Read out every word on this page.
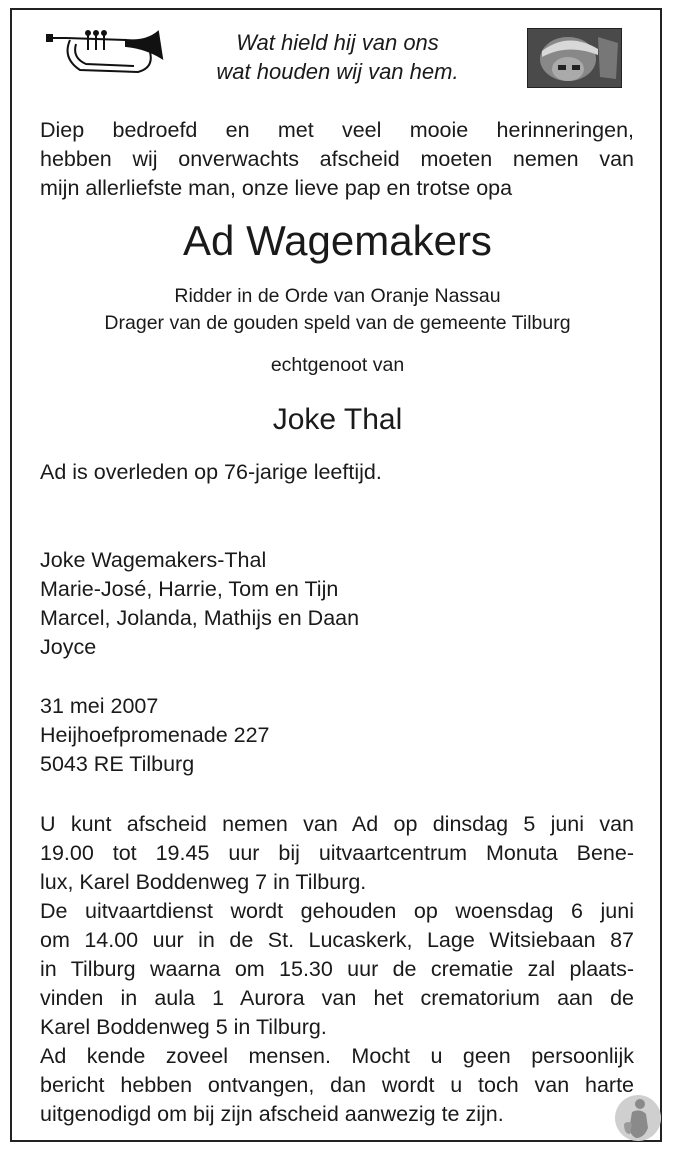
Wat hield hij van ons
wat houden wij van hem.
Diep bedroefd en met veel mooie herinneringen,
hebben wij onverwachts afscheid moeten nemen van
mijn allerliefste man, onze lieve pap en trotse opa
Ad Wagemakers
Ridder in de Orde van Oranje Nassau
Drager van de gouden speld van de gemeente Tilburg
echtgenoot van
Joke Thal
Ad is overleden op 76-jarige leeftijd.
Joke Wagemakers-Thal
Marie-José, Harrie, Tom en Tijn
Marcel, Jolanda, Mathijs en Daan
Joyce
31 mei 2007
Heijhoefpromenade 227
5043 RE Tilburg
U kunt afscheid nemen van Ad op dinsdag 5 juni van
19.00 tot 19.45 uur bij uitvaartcentrum Monuta Bene-
lux, Karel Boddenweg 7 in Tilburg.
De uitvaartdienst wordt gehouden op woensdag 6 juni
om 14.00 uur in de St. Lucaskerk, Lage Witsiebaan 87
in Tilburg waarna om 15.30 uur de crematie zal plaats-
vinden in aula 1 Aurora van het crematorium aan de
Karel Boddenweg 5 in Tilburg.
Ad kende zoveel mensen. Mocht u geen persoonlijk
bericht hebben ontvangen, dan wordt u toch van harte
uitgenodigd om bij zijn afscheid aanwezig te zijn.
